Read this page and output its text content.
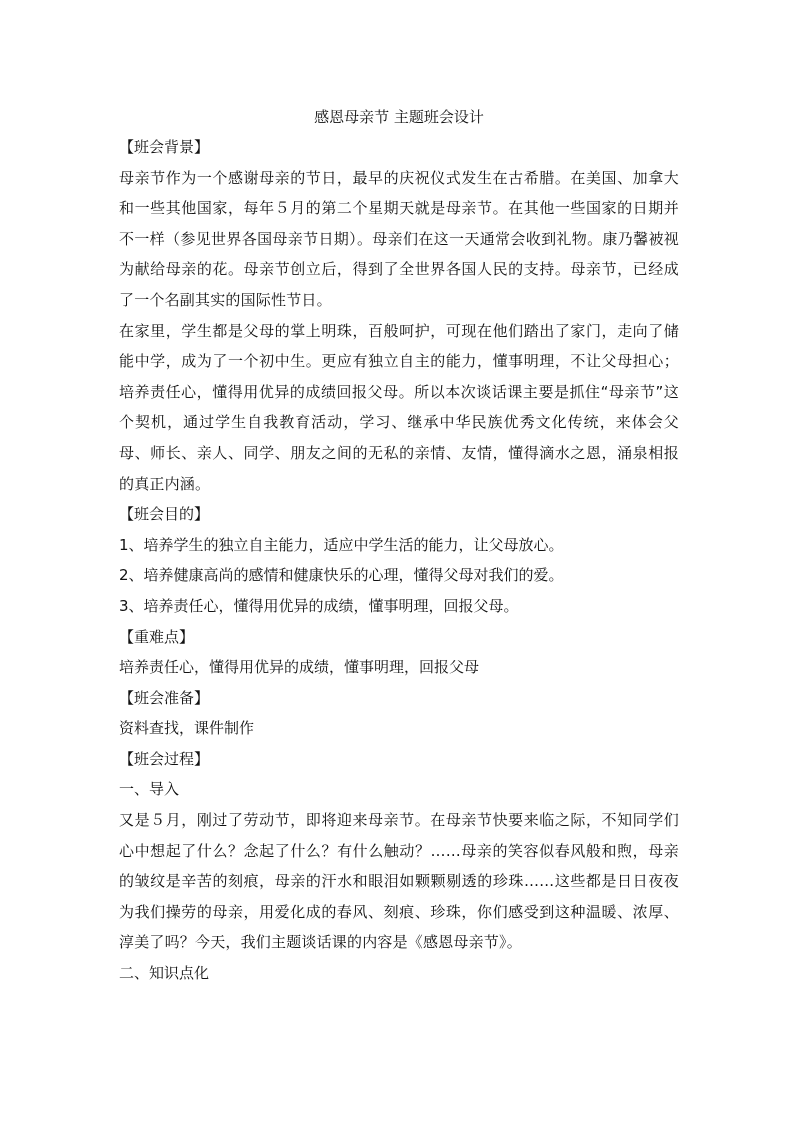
感恩母亲节 主题班会设计
【班会背景】

母亲节作为一个感谢母亲的节日，最早的庆祝仪式发生在古希腊。在美国、加拿大和一些其他国家，每年５月的第二个星期天就是母亲节。在其他一些国家的日期并不一样（参见世界各国母亲节日期）。母亲们在这一天通常会收到礼物。康乃馨被视为献给母亲的花。母亲节创立后，得到了全世界各国人民的支持。母亲节，已经成了一个名副其实的国际性节日。

在家里，学生都是父母的掌上明珠，百般呵护，可现在他们踏出了家门，走向了储能中学，成为了一个初中生。更应有独立自主的能力，懂事明理，不让父母担心；培养责任心，懂得用优异的成绩回报父母。所以本次谈话课主要是抓住“母亲节”这个契机，通过学生自我教育活动，学习、继承中华民族优秀文化传统，来体会父母、师长、亲人、同学、朋友之间的无私的亲情、友情，懂得滴水之恩，涌泉相报的真正内涵。

【班会目的】
1、培养学生的独立自主能力，适应中学生活的能力，让父母放心。
2、培养健康高尚的感情和健康快乐的心理，懂得父母对我们的爱。
3、培养责任心，懂得用优异的成绩，懂事明理，回报父母。
【重难点】
培养责任心，懂得用优异的成绩，懂事明理，回报父母
【班会准备】
资料查找，课件制作
【班会过程】
一、导入

又是５月，刚过了劳动节，即将迎来母亲节。在母亲节快要来临之际，不知同学们心中想起了什么？念起了什么？有什么触动？……母亲的笑容似春风般和煦，母亲的皱纹是辛苦的刻痕，母亲的汗水和眼泪如颗颗剔透的珍珠……这些都是日日夜夜为我们操劳的母亲，用爱化成的春风、刻痕、珍珠，你们感受到这种温暖、浓厚、淳美了吗？今天，我们主题谈话课的内容是《感恩母亲节》。

二、知识点化
